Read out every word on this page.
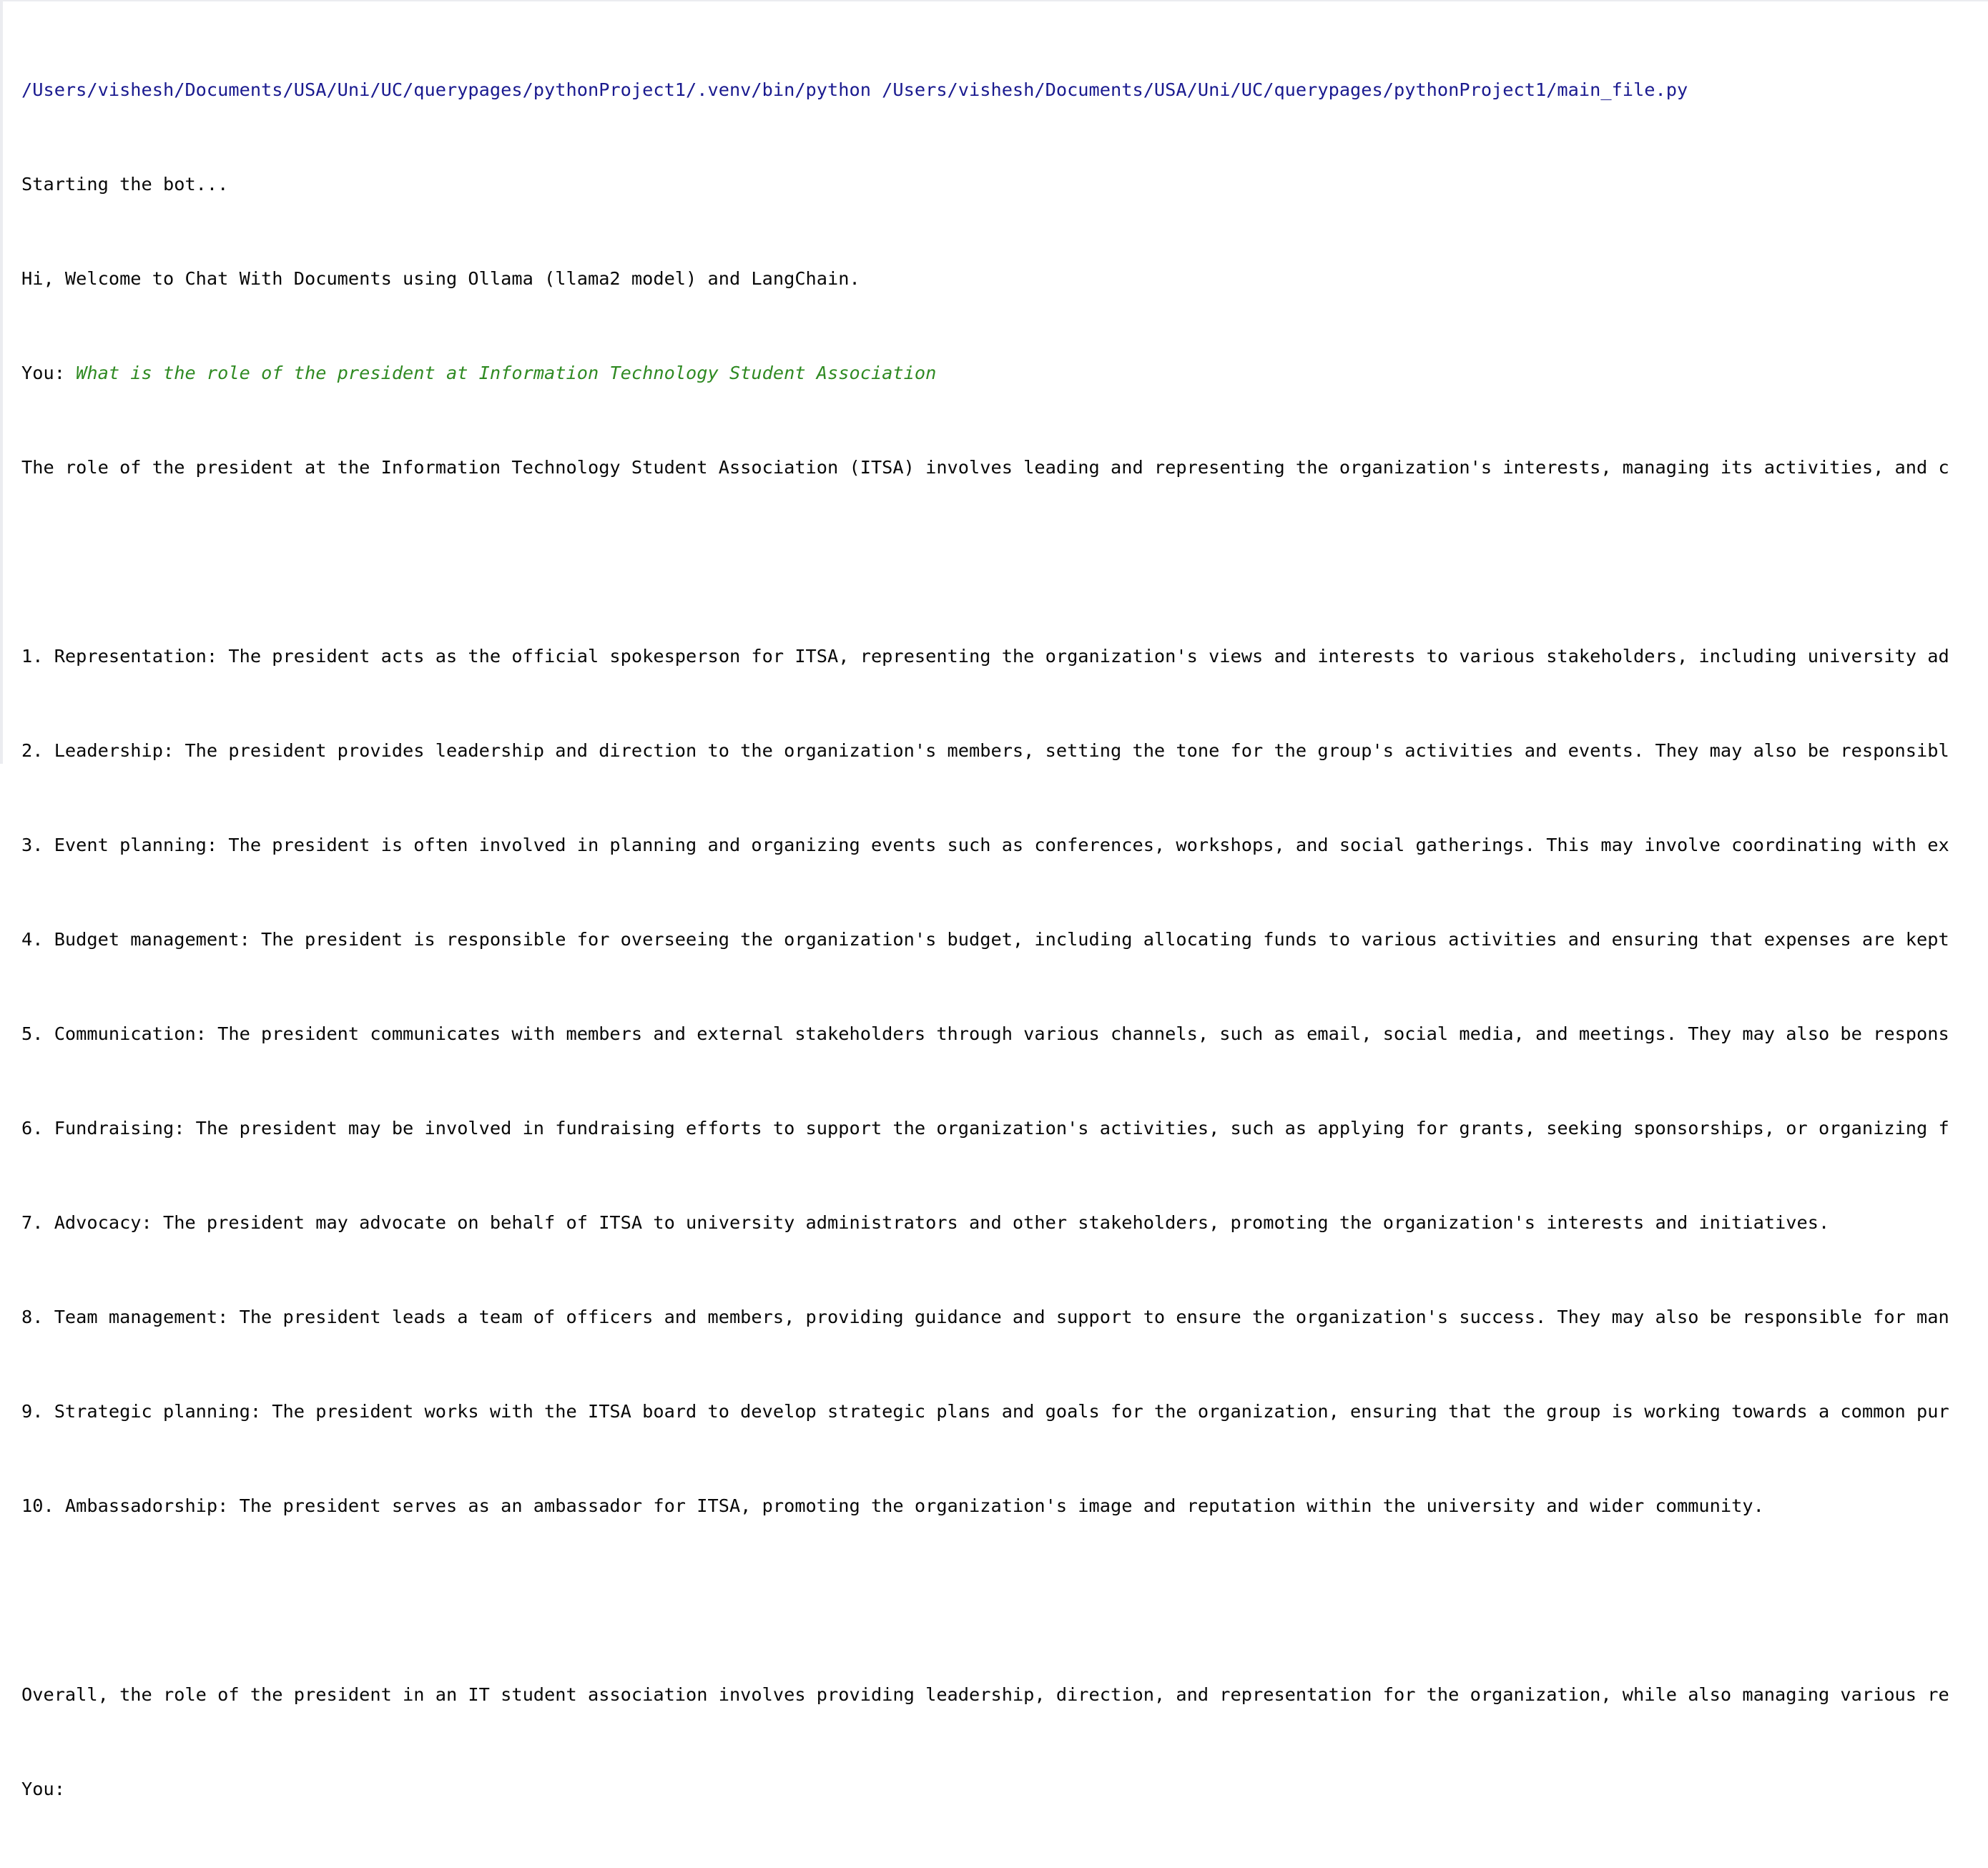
/Users/vishesh/Documents/USA/Uni/UC/querypages/pythonProject1/.venv/bin/python /Users/vishesh/Documents/USA/Uni/UC/querypages/pythonProject1/main_file.py

Starting the bot...

Hi, Welcome to Chat With Documents using Ollama (llama2 model) and LangChain.

You: What is the role of the president at Information Technology Student Association

The role of the president at the Information Technology Student Association (ITSA) involves leading and representing the organization's interests, managing its activities, and c

1. Representation: The president acts as the official spokesperson for ITSA, representing the organization's views and interests to various stakeholders, including university ad

2. Leadership: The president provides leadership and direction to the organization's members, setting the tone for the group's activities and events. They may also be responsibl

3. Event planning: The president is often involved in planning and organizing events such as conferences, workshops, and social gatherings. This may involve coordinating with ex

4. Budget management: The president is responsible for overseeing the organization's budget, including allocating funds to various activities and ensuring that expenses are kept

5. Communication: The president communicates with members and external stakeholders through various channels, such as email, social media, and meetings. They may also be respons

6. Fundraising: The president may be involved in fundraising efforts to support the organization's activities, such as applying for grants, seeking sponsorships, or organizing f

7. Advocacy: The president may advocate on behalf of ITSA to university administrators and other stakeholders, promoting the organization's interests and initiatives.

8. Team management: The president leads a team of officers and members, providing guidance and support to ensure the organization's success. They may also be responsible for man

9. Strategic planning: The president works with the ITSA board to develop strategic plans and goals for the organization, ensuring that the group is working towards a common pur

10. Ambassadorship: The president serves as an ambassador for ITSA, promoting the organization's image and reputation within the university and wider community.

Overall, the role of the president in an IT student association involves providing leadership, direction, and representation for the organization, while also managing various re

You:
